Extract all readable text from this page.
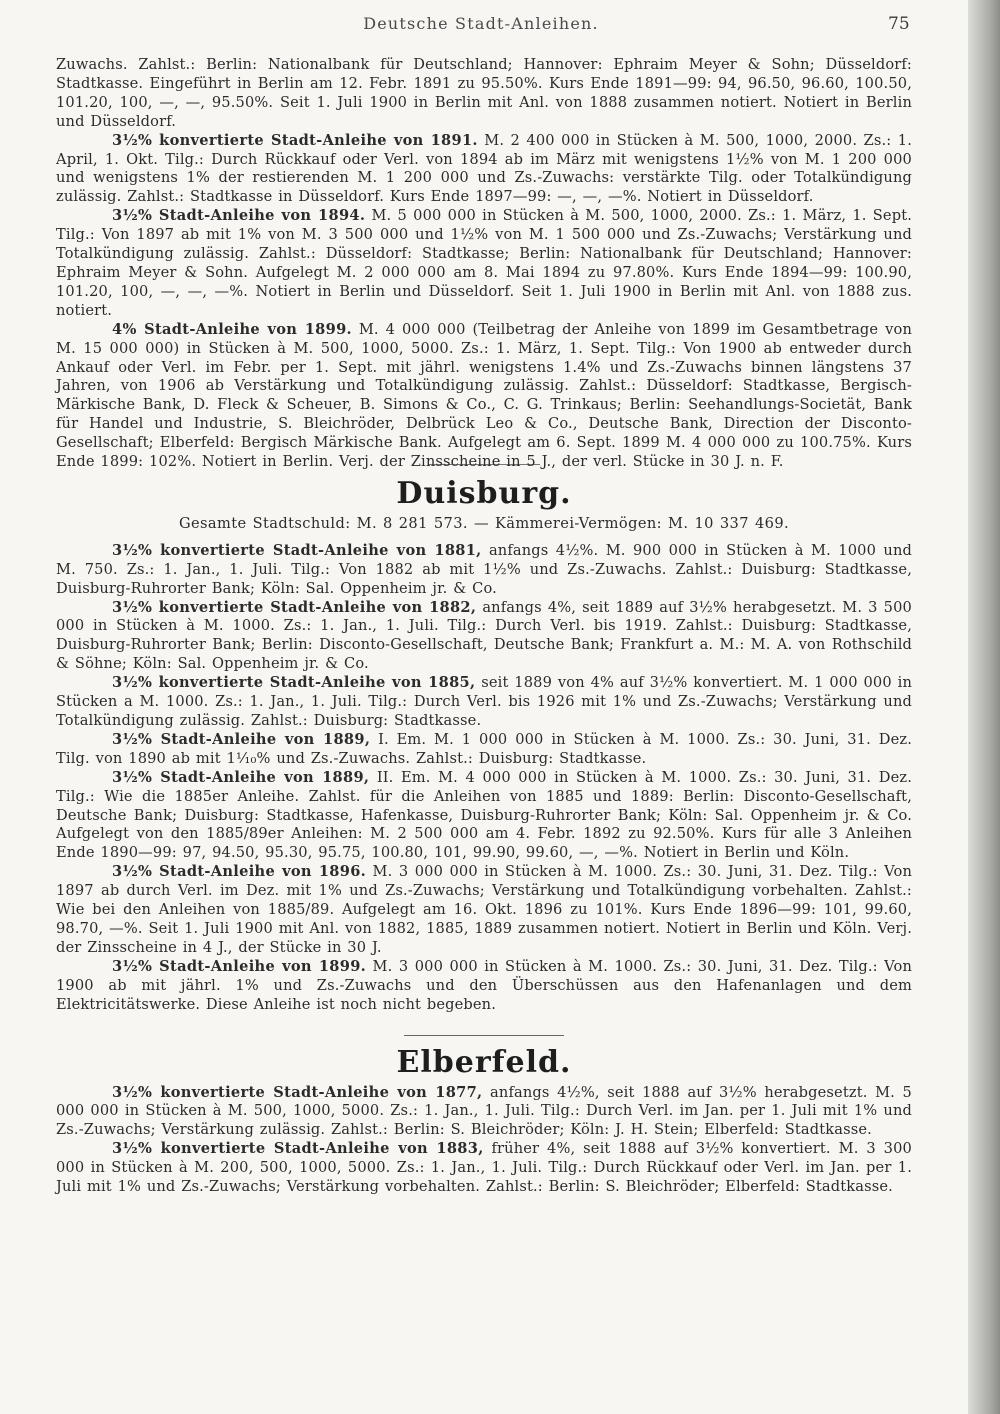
Deutsche Stadt-Anleihen.	75

Zuwachs. Zahlst.: Berlin: Nationalbank für Deutschland; Hannover: Ephraim Meyer & Sohn; Düsseldorf: Stadtkasse. Eingeführt in Berlin am 12. Febr. 1891 zu 95.50%. Kurs Ende 1891—99: 94, 96.50, 96.60, 100.50, 101.20, 100, —, —, 95.50%. Seit 1. Juli 1900 in Berlin mit Anl. von 1888 zusammen notiert. Notiert in Berlin und Düsseldorf.

3½% konvertierte Stadt-Anleihe von 1891. M. 2 400 000 in Stücken à M. 500, 1000, 2000. Zs.: 1. April, 1. Okt. Tilg.: Durch Rückkauf oder Verl. von 1894 ab im März mit wenigstens 1½% von M. 1 200 000 und wenigstens 1% der restierenden M. 1 200 000 und Zs.-Zuwachs: verstärkte Tilg. oder Totalkündigung zulässig. Zahlst.: Stadtkasse in Düsseldorf. Kurs Ende 1897—99: —, —, —%. Notiert in Düsseldorf.

3½% Stadt-Anleihe von 1894. M. 5 000 000 in Stücken à M. 500, 1000, 2000. Zs.: 1. März, 1. Sept. Tilg.: Von 1897 ab mit 1% von M. 3 500 000 und 1½% von M. 1 500 000 und Zs.-Zuwachs; Verstärkung und Totalkündigung zulässig. Zahlst.: Düsseldorf: Stadtkasse; Berlin: Nationalbank für Deutschland; Hannover: Ephraim Meyer & Sohn. Aufgelegt M. 2 000 000 am 8. Mai 1894 zu 97.80%. Kurs Ende 1894—99: 100.90, 101.20, 100, —, —, —%. Notiert in Berlin und Düsseldorf. Seit 1. Juli 1900 in Berlin mit Anl. von 1888 zus. notiert.

4% Stadt-Anleihe von 1899. M. 4 000 000 (Teilbetrag der Anleihe von 1899 im Gesamtbetrage von M. 15 000 000) in Stücken à M. 500, 1000, 5000. Zs.: 1. März, 1. Sept. Tilg.: Von 1900 ab entweder durch Ankauf oder Verl. im Febr. per 1. Sept. mit jährl. wenigstens 1.4% und Zs.-Zuwachs binnen längstens 37 Jahren, von 1906 ab Verstärkung und Totalkündigung zulässig. Zahlst.: Düsseldorf: Stadtkasse, Bergisch-Märkische Bank, D. Fleck & Scheuer, B. Simons & Co., C. G. Trinkaus; Berlin: Seehandlungs-Societät, Bank für Handel und Industrie, S. Bleichröder, Delbrück Leo & Co., Deutsche Bank, Direction der Disconto-Gesellschaft; Elberfeld: Bergisch Märkische Bank. Aufgelegt am 6. Sept. 1899 M. 4 000 000 zu 100.75%. Kurs Ende 1899: 102%. Notiert in Berlin. Verj. der Zinsscheine in 5 J., der verl. Stücke in 30 J. n. F.

Duisburg.
Gesamte Stadtschuld: M. 8 281 573. — Kämmerei-Vermögen: M. 10 337 469.

3½% konvertierte Stadt-Anleihe von 1881, anfangs 4½%. M. 900 000 in Stücken à M. 1000 und M. 750. Zs.: 1. Jan., 1. Juli. Tilg.: Von 1882 ab mit 1½% und Zs.-Zuwachs. Zahlst.: Duisburg: Stadtkasse, Duisburg-Ruhrorter Bank; Köln: Sal. Oppenheim jr. & Co.

3½% konvertierte Stadt-Anleihe von 1882, anfangs 4%, seit 1889 auf 3½% herabgesetzt. M. 3 500 000 in Stücken à M. 1000. Zs.: 1. Jan., 1. Juli. Tilg.: Durch Verl. bis 1919. Zahlst.: Duisburg: Stadtkasse, Duisburg-Ruhrorter Bank; Berlin: Disconto-Gesellschaft, Deutsche Bank; Frankfurt a. M.: M. A. von Rothschild & Söhne; Köln: Sal. Oppenheim jr. & Co.

3½% konvertierte Stadt-Anleihe von 1885, seit 1889 von 4% auf 3½% konvertiert. M. 1 000 000 in Stücken a M. 1000. Zs.: 1. Jan., 1. Juli. Tilg.: Durch Verl. bis 1926 mit 1% und Zs.-Zuwachs; Verstärkung und Totalkündigung zulässig. Zahlst.: Duisburg: Stadtkasse.

3½% Stadt-Anleihe von 1889, I. Em. M. 1 000 000 in Stücken à M. 1000. Zs.: 30. Juni, 31. Dez. Tilg. von 1890 ab mit 1¹⁄₁₀% und Zs.-Zuwachs. Zahlst.: Duisburg: Stadtkasse.

3½% Stadt-Anleihe von 1889, II. Em. M. 4 000 000 in Stücken à M. 1000. Zs.: 30. Juni, 31. Dez. Tilg.: Wie die 1885er Anleihe. Zahlst. für die Anleihen von 1885 und 1889: Berlin: Disconto-Gesellschaft, Deutsche Bank; Duisburg: Stadtkasse, Hafenkasse, Duisburg-Ruhrorter Bank; Köln: Sal. Oppenheim jr. & Co. Aufgelegt von den 1885/89er Anleihen: M. 2 500 000 am 4. Febr. 1892 zu 92.50%. Kurs für alle 3 Anleihen Ende 1890—99: 97, 94.50, 95.30, 95.75, 100.80, 101, 99.90, 99.60, —, —%. Notiert in Berlin und Köln.

3½% Stadt-Anleihe von 1896. M. 3 000 000 in Stücken à M. 1000. Zs.: 30. Juni, 31. Dez. Tilg.: Von 1897 ab durch Verl. im Dez. mit 1% und Zs.-Zuwachs; Verstärkung und Totalkündigung vorbehalten. Zahlst.: Wie bei den Anleihen von 1885/89. Aufgelegt am 16. Okt. 1896 zu 101%. Kurs Ende 1896—99: 101, 99.60, 98.70, —%. Seit 1. Juli 1900 mit Anl. von 1882, 1885, 1889 zusammen notiert. Notiert in Berlin und Köln. Verj. der Zinsscheine in 4 J., der Stücke in 30 J.

3½% Stadt-Anleihe von 1899. M. 3 000 000 in Stücken à M. 1000. Zs.: 30. Juni, 31. Dez. Tilg.: Von 1900 ab mit jährl. 1% und Zs.-Zuwachs und den Überschüssen aus den Hafenanlagen und dem Elektricitätswerke. Diese Anleihe ist noch nicht begeben.

Elberfeld.

3½% konvertierte Stadt-Anleihe von 1877, anfangs 4½%, seit 1888 auf 3½% herabgesetzt. M. 5 000 000 in Stücken à M. 500, 1000, 5000. Zs.: 1. Jan., 1. Juli. Tilg.: Durch Verl. im Jan. per 1. Juli mit 1% und Zs.-Zuwachs; Verstärkung zulässig. Zahlst.: Berlin: S. Bleichröder; Köln: J. H. Stein; Elberfeld: Stadtkasse.

3½% konvertierte Stadt-Anleihe von 1883, früher 4%, seit 1888 auf 3½% konvertiert. M. 3 300 000 in Stücken à M. 200, 500, 1000, 5000. Zs.: 1. Jan., 1. Juli. Tilg.: Durch Rückkauf oder Verl. im Jan. per 1. Juli mit 1% und Zs.-Zuwachs; Verstärkung vorbehalten. Zahlst.: Berlin: S. Bleichröder; Elberfeld: Stadtkasse.
